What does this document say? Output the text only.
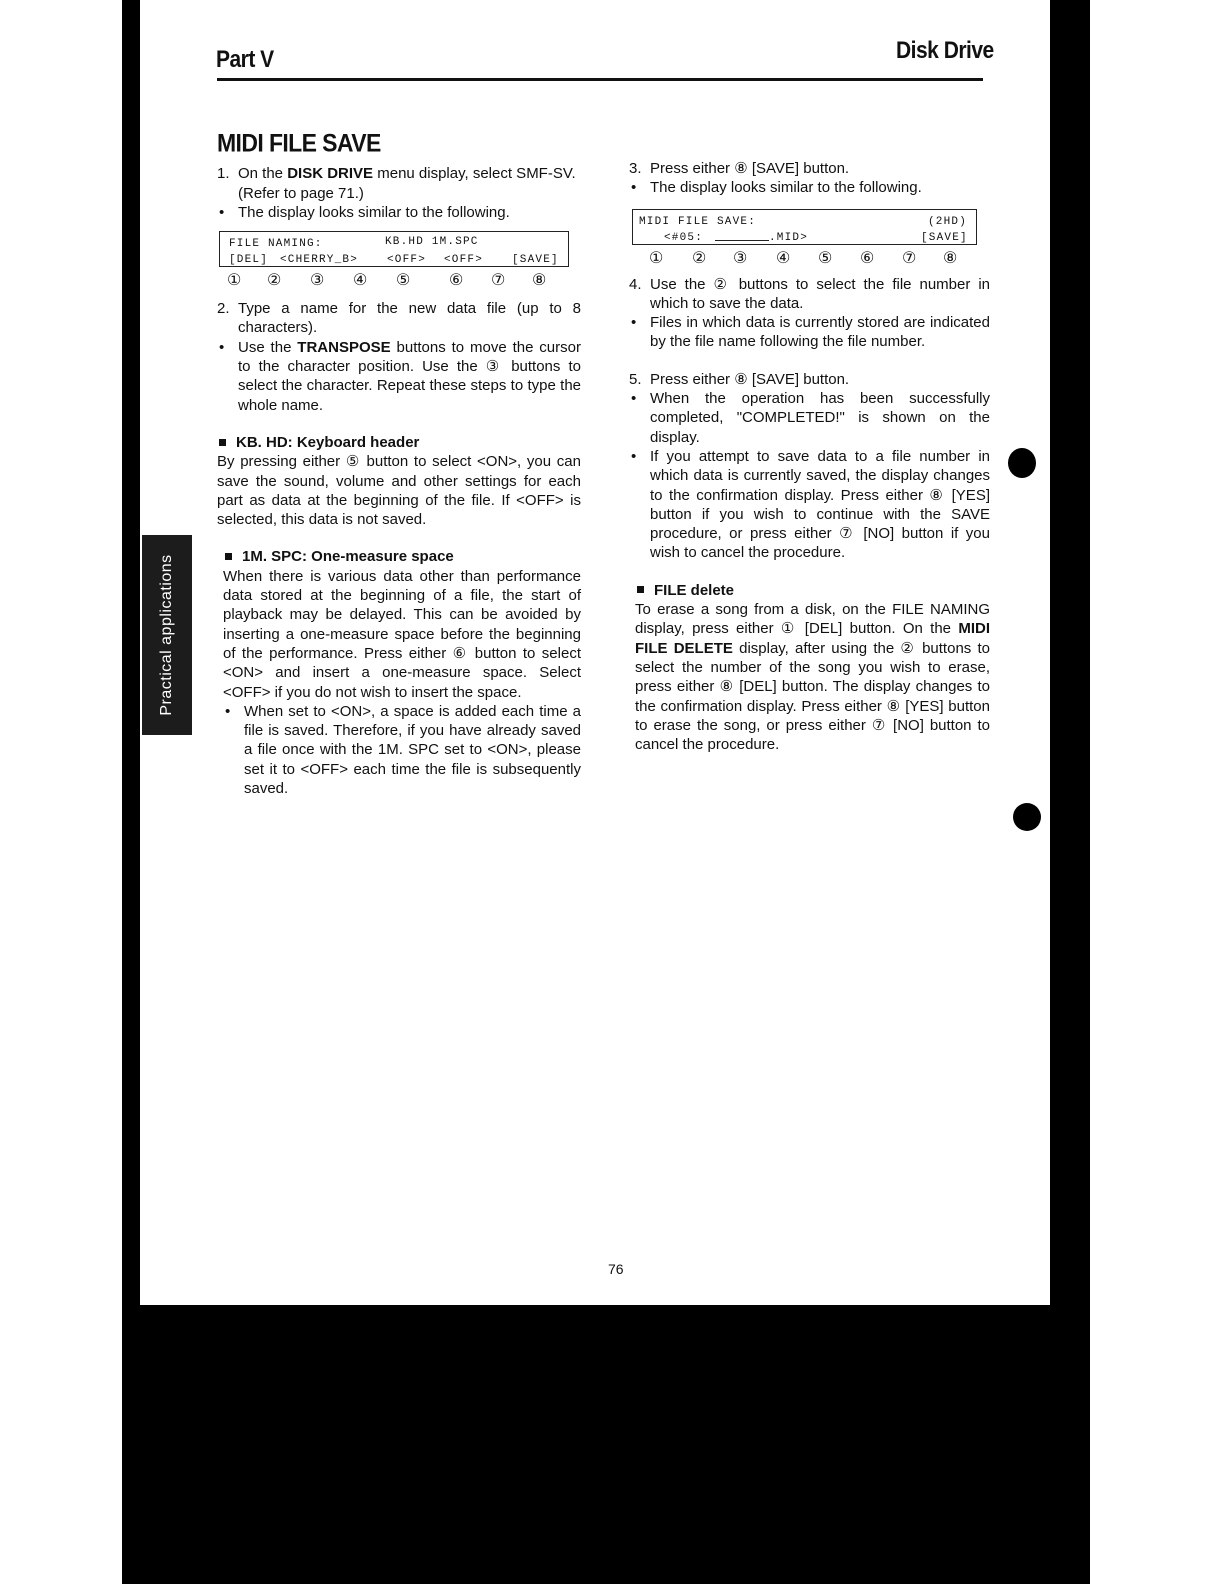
Part V	Disk Drive
Practical applications
MIDI FILE SAVE
1. On the DISK DRIVE menu display, select SMF-SV. (Refer to page 71.)
• The display looks similar to the following.
FILE NAMING:	KB.HD 1M.SPC
[DEL] <CHERRY_B>	<OFF> <OFF>	[SAVE]
① ② ③ ④ ⑤ ⑥ ⑦ ⑧
2. Type a name for the new data file (up to 8 characters).
• Use the TRANSPOSE buttons to move the cursor to the character position. Use the ③ buttons to select the character. Repeat these steps to type the whole name.
KB. HD: Keyboard header

By pressing either ⑤ button to select <ON>, you can save the sound, volume and other settings for each part as data at the beginning of the file. If <OFF> is selected, this data is not saved.

1M. SPC: One-measure space

When there is various data other than performance data stored at the beginning of a file, the start of playback may be delayed. This can be avoided by inserting a one-measure space before the beginning of the performance. Press either ⑥ button to select <ON> and insert a one-measure space. Select <OFF> if you do not wish to insert the space.

• When set to <ON>, a space is added each time a file is saved. Therefore, if you have already saved a file once with the 1M. SPC set to <ON>, please set it to <OFF> each time the file is subsequently saved.
3. Press either ⑧ [SAVE] button.
• The display looks similar to the following.
MIDI FILE SAVE:	(2HD)
<#05:	.MID>	[SAVE]
① ② ③ ④ ⑤ ⑥ ⑦ ⑧
4. Use the ② buttons to select the file number in which to save the data.
• Files in which data is currently stored are indicated by the file name following the file number.
5. Press either ⑧ [SAVE] button.
• When the operation has been successfully completed, "COMPLETED!" is shown on the display.
• If you attempt to save data to a file number in which data is currently saved, the display changes to the confirmation display. Press either ⑧ [YES] button if you wish to continue with the SAVE procedure, or press either ⑦ [NO] button if you wish to cancel the procedure.
FILE delete

To erase a song from a disk, on the FILE NAMING display, press either ① [DEL] button. On the MIDI FILE DELETE display, after using the ② buttons to select the number of the song you wish to erase, press either ⑧ [DEL] button. The display changes to the confirmation display. Press either ⑧ [YES] button to erase the song, or press either ⑦ [NO] button to cancel the procedure.

76
